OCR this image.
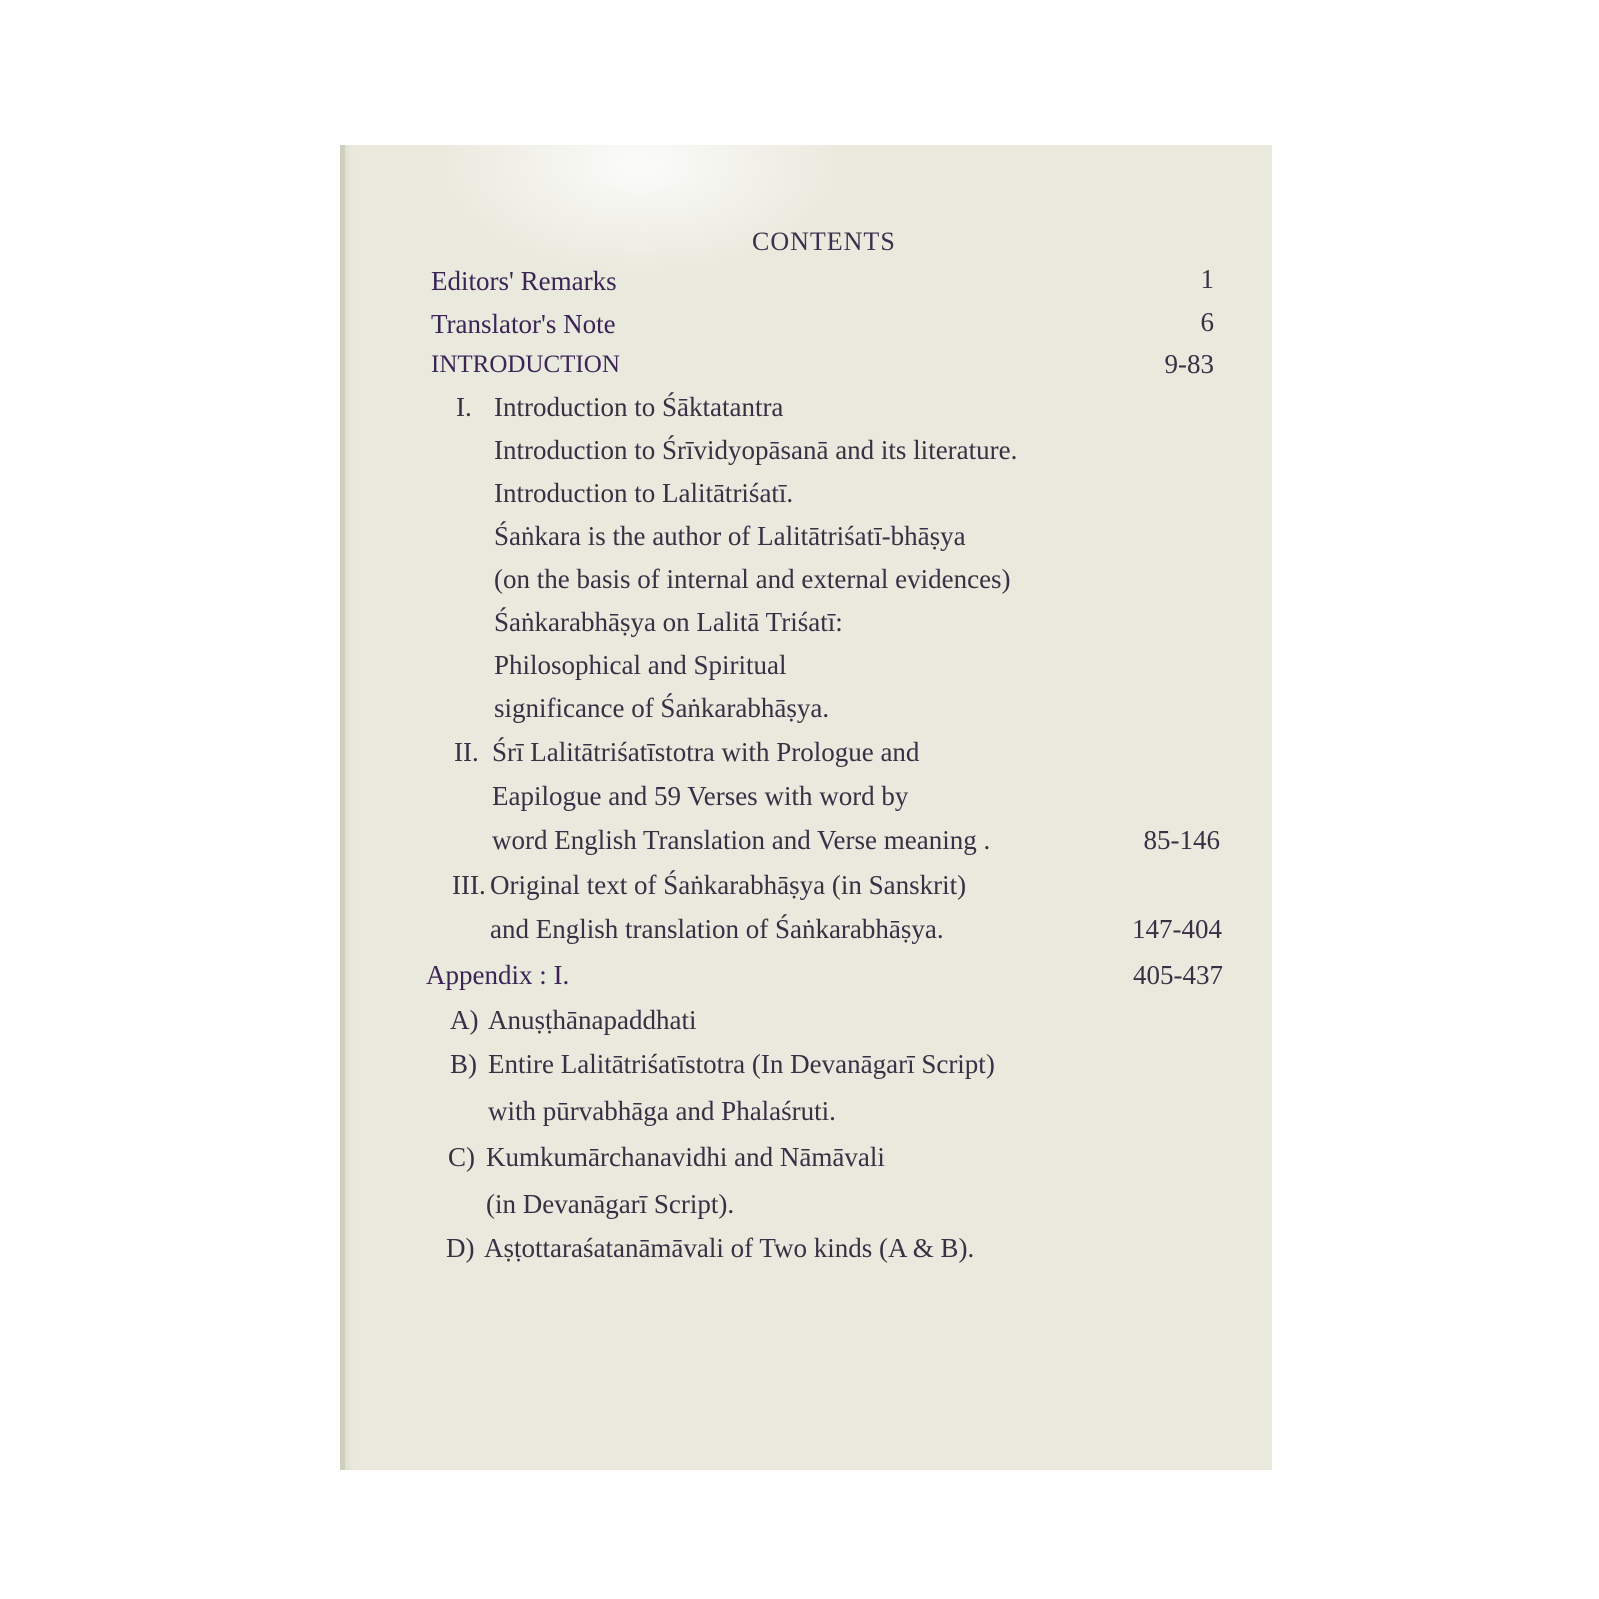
CONTENTS
Editors' Remarks	1
Translator's Note	6
INTRODUCTION	9-83
I. Introduction to Śāktatantra
Introduction to Śrīvidyopāsanā and its literature.
Introduction to Lalitātriśatī.
Śaṅkara is the author of Lalitātriśatī-bhāṣya
(on the basis of internal and external evidences)
Śaṅkarabhāṣya on Lalitā Triśatī:
Philosophical and Spiritual
significance of Śaṅkarabhāṣya.
II. Śrī Lalitātriśatīstotra with Prologue and
Eapilogue and 59 Verses with word by
word English Translation and Verse meaning .	85-146
III. Original text of Śaṅkarabhāṣya (in Sanskrit)
and English translation of Śaṅkarabhāṣya.	147-404
Appendix : I.	405-437
A) Anuṣṭhānapaddhati
B) Entire Lalitātriśatīstotra (In Devanāgarī Script)
with pūrvabhāga and Phalaśruti.
C) Kumkumārchanavidhi and Nāmāvali
(in Devanāgarī Script).
D) Aṣṭottaraśatanāmāvali of Two kinds (A & B).
